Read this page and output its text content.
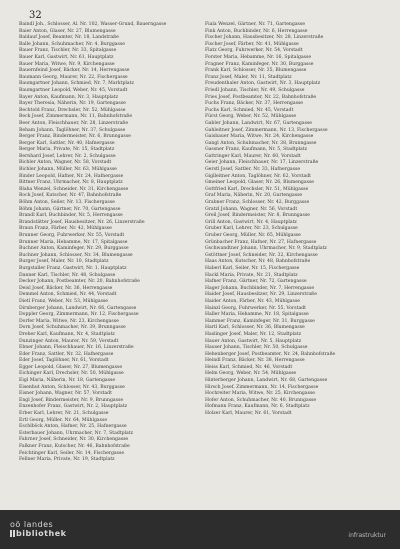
32
Baindl Joh., Schlosser, Al. Nr. 102, Wasser-Grund, Bauerngasse
Baier Anton, Glaser, Nr. 27, Blumengasse
Baldauf Josef, Beamter, Nr. 18, Landstraße
Balle Johann, Schuhmacher, Nr. 4, Burggasse
Bauer Franz, Tischler, Nr. 33, Spitalgasse
Bauer Karl, Gastwirt, Nr. 61, Hauptplatz
Bauer Maria, Witwe, Nr. 9, Kirchengasse
Bauernfeind Josef, Bäcker, Nr. 14, Herrengasse
Baumann Georg, Maurer, Nr. 22, Fischergasse
Baumgartner Johann, Schmied, Nr. 7, Marktplatz
Baumgartner Leopold, Weber, Nr. 45, Vorstadt
Bayer Anton, Kaufmann, Nr. 3, Hauptplatz
Bayer Theresia, Näherin, Nr. 19, Gartengasse
Bechtold Franz, Drechsler, Nr. 52, Mühlgasse
Beck Josef, Zimmermann, Nr. 11, Bahnhofstraße
Beer Anton, Fleischhauer, Nr. 28, Linzerstraße
Beham Johann, Taglöhner, Nr. 37, Schulgasse
Berger Franz, Bindermeister, Nr. 6, Brunngasse
Berger Karl, Sattler, Nr. 40, Hafnergasse
Berger Maria, Private, Nr. 15, Stadtplatz
Bernhard Josef, Lehrer, Nr. 2, Schulgasse
Bichler Anton, Wagner, Nr. 58, Vorstadt
Bichler Johann, Müller, Nr. 63, Mühlgasse
Binder Leopold, Hafner, Nr. 24, Hafnergasse
Bittner Franz, Uhrmacher, Nr. 8, Hauptplatz
Blaha Wenzel, Schneider, Nr. 31, Kirchengasse
Bock Josef, Kutscher, Nr. 47, Bahnhofstraße
Böhm Anton, Seiler, Nr. 13, Fischergasse
Böhm Johann, Gärtner, Nr. 70, Gartengasse
Brandl Karl, Buchbinder, Nr. 5, Herrengasse
Brandstätter Josef, Hausbesitzer, Nr. 26, Linzerstraße
Braun Franz, Färber, Nr. 42, Mühlgasse
Brunner Georg, Fuhrwerker, Nr. 55, Vorstadt
Brunner Maria, Hebamme, Nr. 17, Spitalgasse
Buchner Anton, Kaminfeger, Nr. 29, Burggasse
Buchner Johann, Schlosser, Nr. 34, Blumengasse
Burger Josef, Maler, Nr. 10, Stadtplatz
Burgstaller Franz, Gastwirt, Nr. 1, Hauptplatz
Danner Karl, Tischler, Nr. 48, Schulgasse
Decker Johann, Postbeamter, Nr. 20, Bahnhofstraße
Deisl Josef, Bäcker, Nr. 36, Herrengasse
Demmel Anton, Schmied, Nr. 44, Vorstadt
Dietl Franz, Weber, Nr. 53, Mühlgasse
Dirnberger Johann, Landwirt, Nr. 66, Gartengasse
Doppler Georg, Zimmermann, Nr. 12, Fischergasse
Dorfer Maria, Witwe, Nr. 23, Kirchengasse
Dorn Josef, Schuhmacher, Nr. 39, Brunngasse
Dreher Karl, Kaufmann, Nr. 4, Stadtplatz
Dunzinger Anton, Maurer, Nr. 59, Vorstadt
Ebner Johann, Fleischhauer, Nr. 16, Linzerstraße
Eder Franz, Sattler, Nr. 32, Hafnergasse
Eder Josef, Taglöhner, Nr. 61, Vorstadt
Egger Leopold, Glaser, Nr. 27, Blumengasse
Eichinger Karl, Drechsler, Nr. 50, Mühlgasse
Eigl Maria, Näherin, Nr. 18, Gartengasse
Eisenhut Anton, Schlosser, Nr. 43, Burggasse
Eisner Johann, Wagner, Nr. 57, Vorstadt
Engl Josef, Bindermeister, Nr. 9, Brunngasse
Enzenhofer Franz, Gastwirt, Nr. 2, Hauptplatz
Erber Karl, Lehrer, Nr. 21, Schulgasse
Ertl Georg, Müller, Nr. 64, Mühlgasse
Eschlböck Anton, Hafner, Nr. 25, Hafnergasse
Esterbauer Johann, Uhrmacher, Nr. 7, Stadtplatz
Fahrner Josef, Schneider, Nr. 30, Kirchengasse
Falkner Franz, Kutscher, Nr. 46, Bahnhofstraße
Feichtinger Karl, Seiler, Nr. 14, Fischergasse
Fellner Maria, Private, Nr. 19, Stadtplatz
Fiala Wenzel, Gärtner, Nr. 71, Gartengasse
Fink Anton, Buchbinder, Nr. 6, Herrengasse
Fischer Johann, Hausbesitzer, Nr. 28, Linzerstraße
Fischer Josef, Färber, Nr. 41, Mühlgasse
Flatz Georg, Fuhrwerker, Nr. 54, Vorstadt
Forster Maria, Hebamme, Nr. 16, Spitalgasse
Fragner Franz, Kaminfeger, Nr. 30, Burggasse
Frank Karl, Schlosser, Nr. 35, Blumengasse
Franz Josef, Maler, Nr. 11, Stadtplatz
Freudenthaler Anton, Gastwirt, Nr. 3, Hauptplatz
Friedl Johann, Tischler, Nr. 49, Schulgasse
Fries Josef, Postbeamter, Nr. 22, Bahnhofstraße
Fuchs Franz, Bäcker, Nr. 37, Herrengasse
Fuchs Karl, Schmied, Nr. 45, Vorstadt
Fürst Georg, Weber, Nr. 52, Mühlgasse
Gabler Johann, Landwirt, Nr. 67, Gartengasse
Gahleitner Josef, Zimmermann, Nr. 13, Fischergasse
Gaisbauer Maria, Witwe, Nr. 24, Kirchengasse
Gangl Anton, Schuhmacher, Nr. 38, Brunngasse
Gassner Franz, Kaufmann, Nr. 5, Stadtplatz
Gattringer Karl, Maurer, Nr. 60, Vorstadt
Geier Johann, Fleischhauer, Nr. 17, Linzerstraße
Gerstl Josef, Sattler, Nr. 33, Hafnergasse
Giglleitner Anton, Taglöhner, Nr. 62, Vorstadt
Gmeiner Leopold, Glaser, Nr. 26, Blumengasse
Gottfried Karl, Drechsler, Nr. 51, Mühlgasse
Graf Maria, Näherin, Nr. 20, Gartengasse
Grabner Franz, Schlosser, Nr. 42, Burggasse
Gratzl Johann, Wagner, Nr. 56, Vorstadt
Greil Josef, Bindermeister, Nr. 8, Brunngasse
Grill Anton, Gastwirt, Nr. 4, Hauptplatz
Gruber Karl, Lehrer, Nr. 23, Schulgasse
Gruber Georg, Müller, Nr. 65, Mühlgasse
Grünbacher Franz, Hafner, Nr. 27, Hafnergasse
Gschwandtner Johann, Uhrmacher, Nr. 9, Stadtplatz
Gstöttner Josef, Schneider, Nr. 32, Kirchengasse
Haas Anton, Kutscher, Nr. 48, Bahnhofstraße
Haberl Karl, Seiler, Nr. 15, Fischergasse
Hackl Maria, Private, Nr. 21, Stadtplatz
Hafner Franz, Gärtner, Nr. 72, Gartengasse
Hager Johann, Buchbinder, Nr. 7, Herrengasse
Haider Josef, Hausbesitzer, Nr. 29, Linzerstraße
Haider Anton, Färber, Nr. 43, Mühlgasse
Hainzl Georg, Fuhrwerker, Nr. 55, Vorstadt
Haller Maria, Hebamme, Nr. 18, Spitalgasse
Hammer Franz, Kaminfeger, Nr. 31, Burggasse
Hartl Karl, Schlosser, Nr. 36, Blumengasse
Haslinger Josef, Maler, Nr. 12, Stadtplatz
Hauer Anton, Gastwirt, Nr. 5, Hauptplatz
Hauser Johann, Tischler, Nr. 50, Schulgasse
Hehenberger Josef, Postbeamter, Nr. 24, Bahnhofstraße
Heindl Franz, Bäcker, Nr. 38, Herrengasse
Heiss Karl, Schmied, Nr. 46, Vorstadt
Helm Georg, Weber, Nr. 54, Mühlgasse
Hinterberger Johann, Landwirt, Nr. 68, Gartengasse
Hirsch Josef, Zimmermann, Nr. 14, Fischergasse
Hochreiter Maria, Witwe, Nr. 25, Kirchengasse
Hofer Anton, Schuhmacher, Nr. 40, Brunngasse
Hofmann Franz, Kaufmann, Nr. 6, Stadtplatz
Holzer Karl, Maurer, Nr. 61, Vorstadt
oö landes
bibliothek	infrastruktur
